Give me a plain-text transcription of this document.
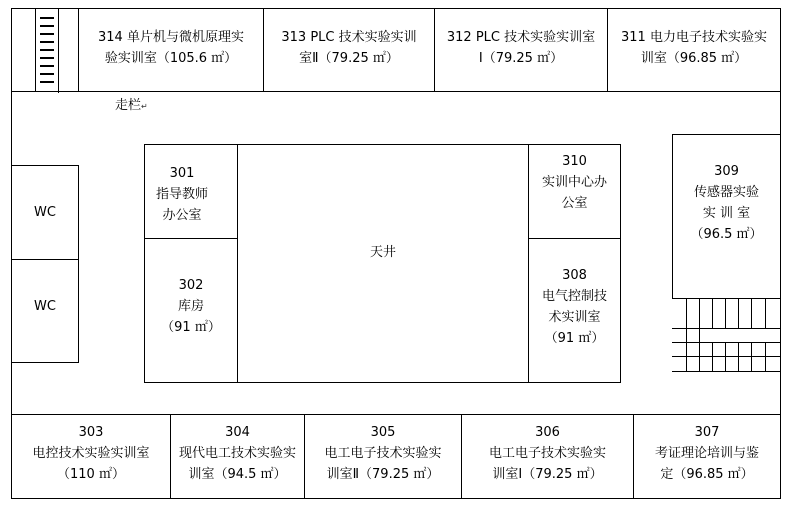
314 单片机与微机原理实
验实训室（105.6 ㎡）
313 PLC 技术实验实训
室Ⅱ（79.25 ㎡）
312 PLC 技术实验实训室
Ⅰ（79.25 ㎡）
311 电力电子技术实验实
训室（96.85 ㎡）
走栏↵
WC
WC
301
指导教师
办公室
302
库房
（91 ㎡）
天井
310
实训中心办
公室
308
电气控制技
术实训室
（91 ㎡）
309
传感器实验
实 训 室
（96.5 ㎡）
303
电控技术实验实训室
（110 ㎡）
304
现代电工技术实验实
训室（94.5 ㎡）
305
电工电子技术实验实
训室Ⅱ（79.25 ㎡）
306
电工电子技术实验实
训室Ⅰ（79.25 ㎡）
307
考证理论培训与鉴
定（96.85 ㎡）
